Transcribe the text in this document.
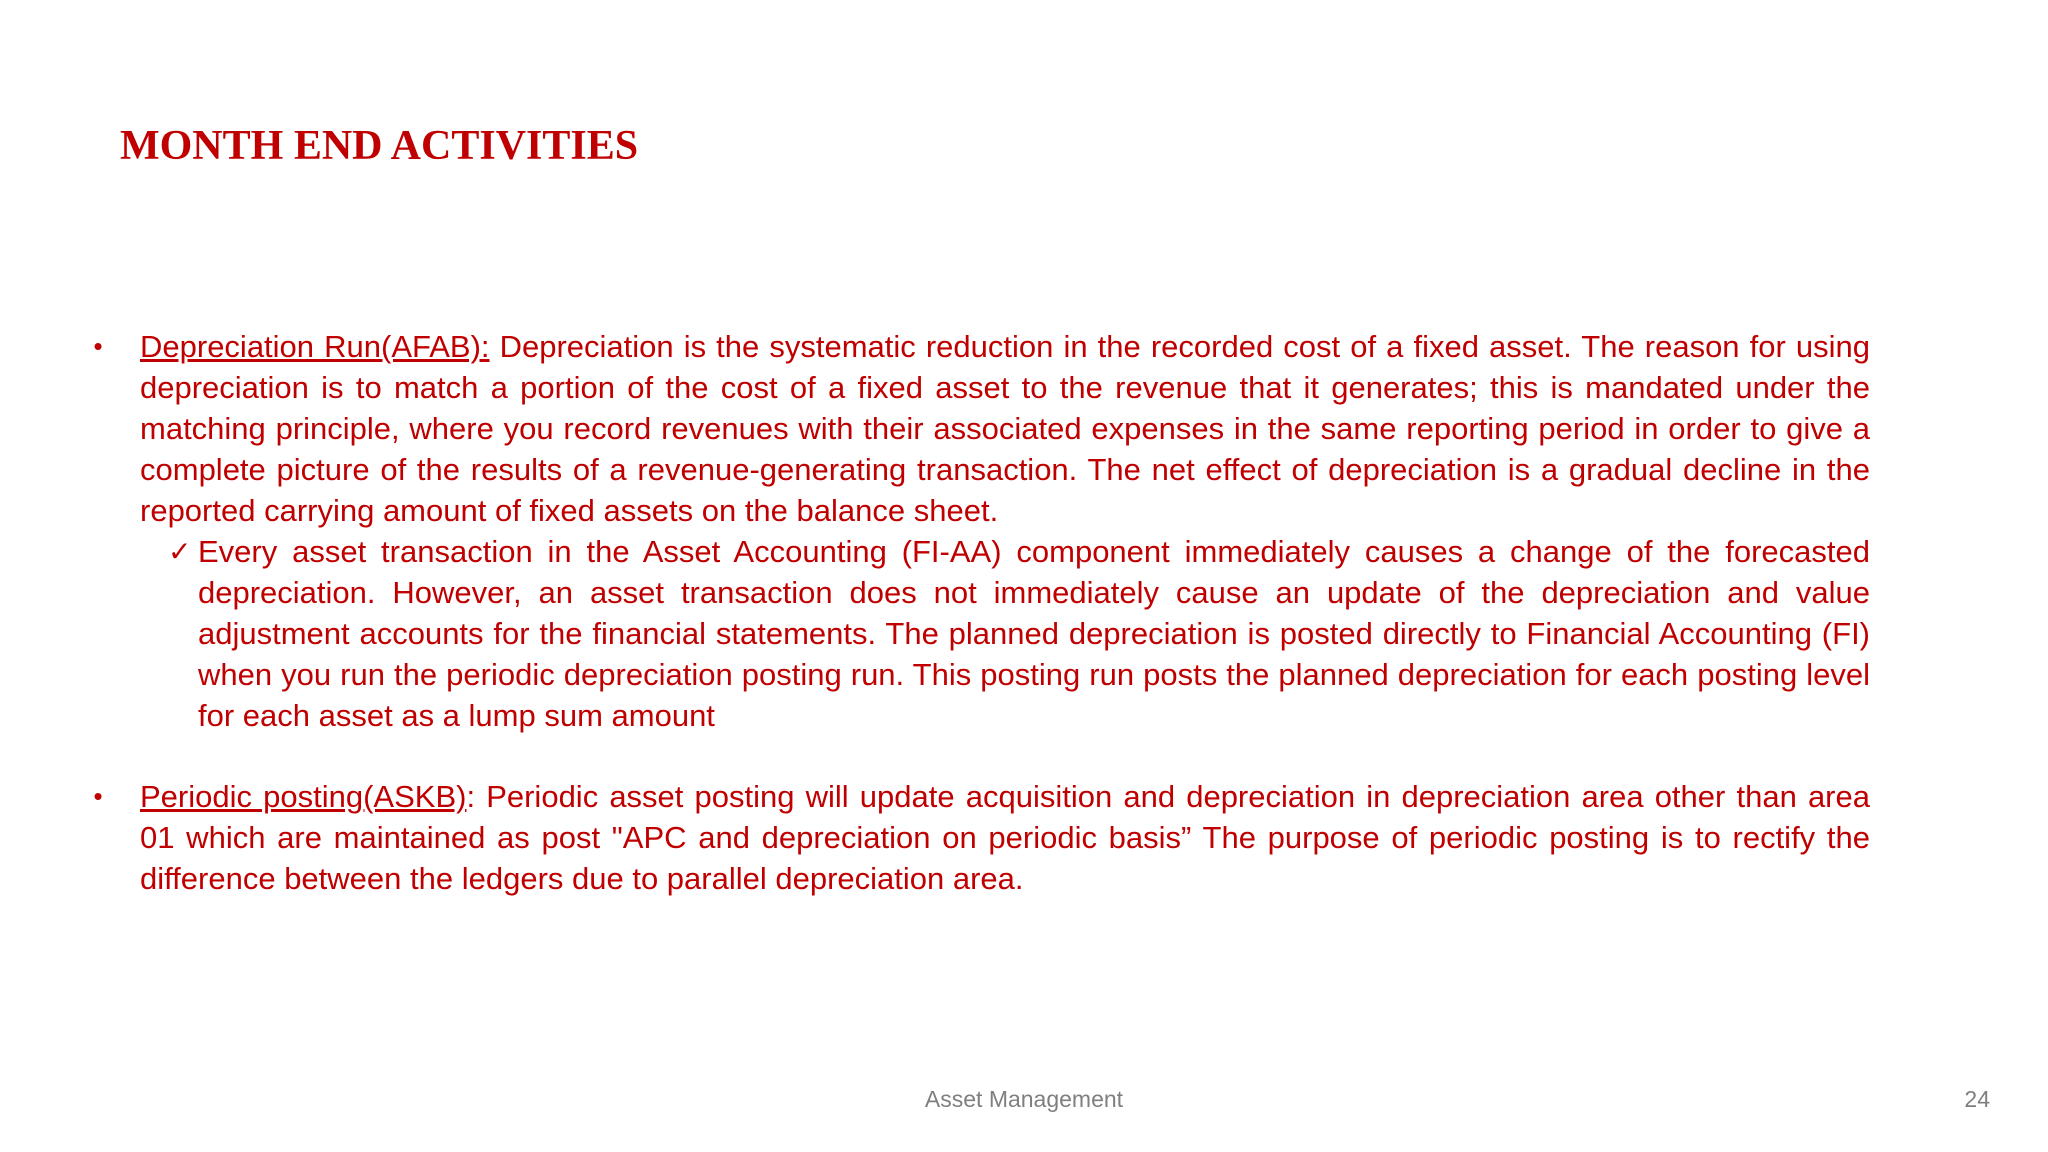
MONTH END ACTIVITIES
• Depreciation Run(AFAB): Depreciation is the systematic reduction in the recorded cost of a fixed asset. The reason for using depreciation is to match a portion of the cost of a fixed asset to the revenue that it generates; this is mandated under the matching principle, where you record revenues with their associated expenses in the same reporting period in order to give a complete picture of the results of a revenue-generating transaction. The net effect of depreciation is a gradual decline in the reported carrying amount of fixed assets on the balance sheet.
✓ Every asset transaction in the Asset Accounting (FI-AA) component immediately causes a change of the forecasted depreciation. However, an asset transaction does not immediately cause an update of the depreciation and value adjustment accounts for the financial statements. The planned depreciation is posted directly to Financial Accounting (FI) when you run the periodic depreciation posting run. This posting run posts the planned depreciation for each posting level for each asset as a lump sum amount
• Periodic posting(ASKB): Periodic asset posting will update acquisition and depreciation in depreciation area other than area 01 which are maintained as post "APC and depreciation on periodic basis” The purpose of periodic posting is to rectify the difference between the ledgers due to parallel depreciation area.
Asset Management	24
